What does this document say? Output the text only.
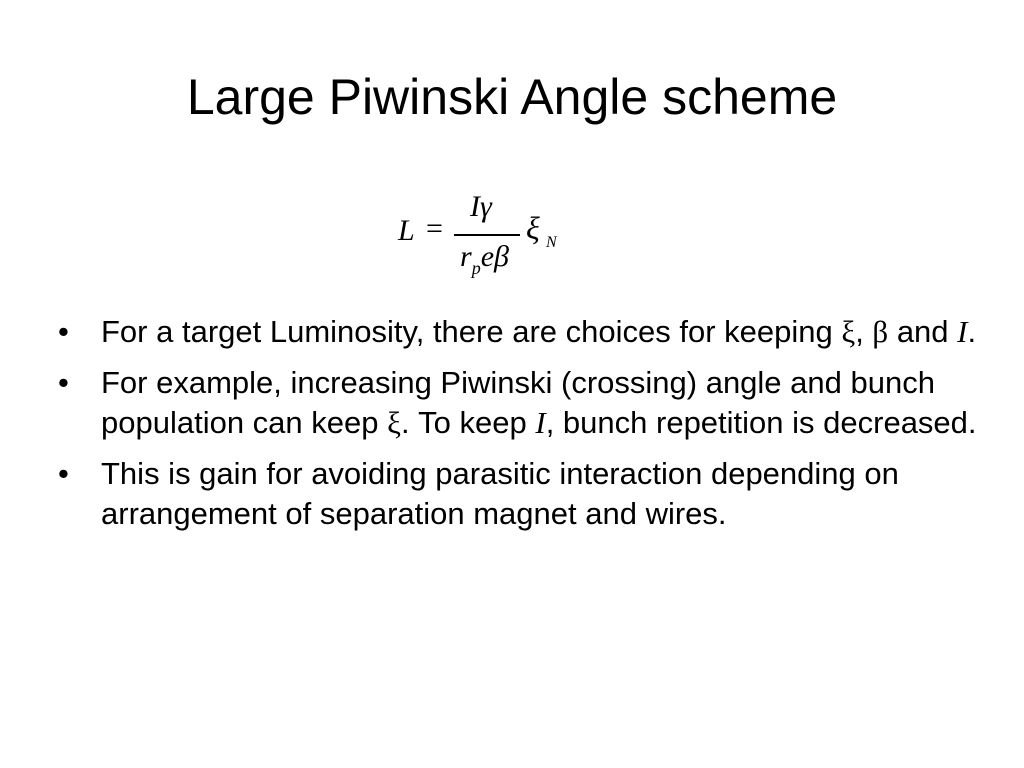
Large Piwinski Angle scheme
L =
Iγ
$r_pe\beta$
ξ N
• For a target Luminosity, there are choices for keeping ξ, β and I.
• For example, increasing Piwinski (crossing) angle and bunch population can keep ξ. To keep I, bunch repetition is decreased.
• This is gain for avoiding parasitic interaction depending on arrangement of separation magnet and wires.
